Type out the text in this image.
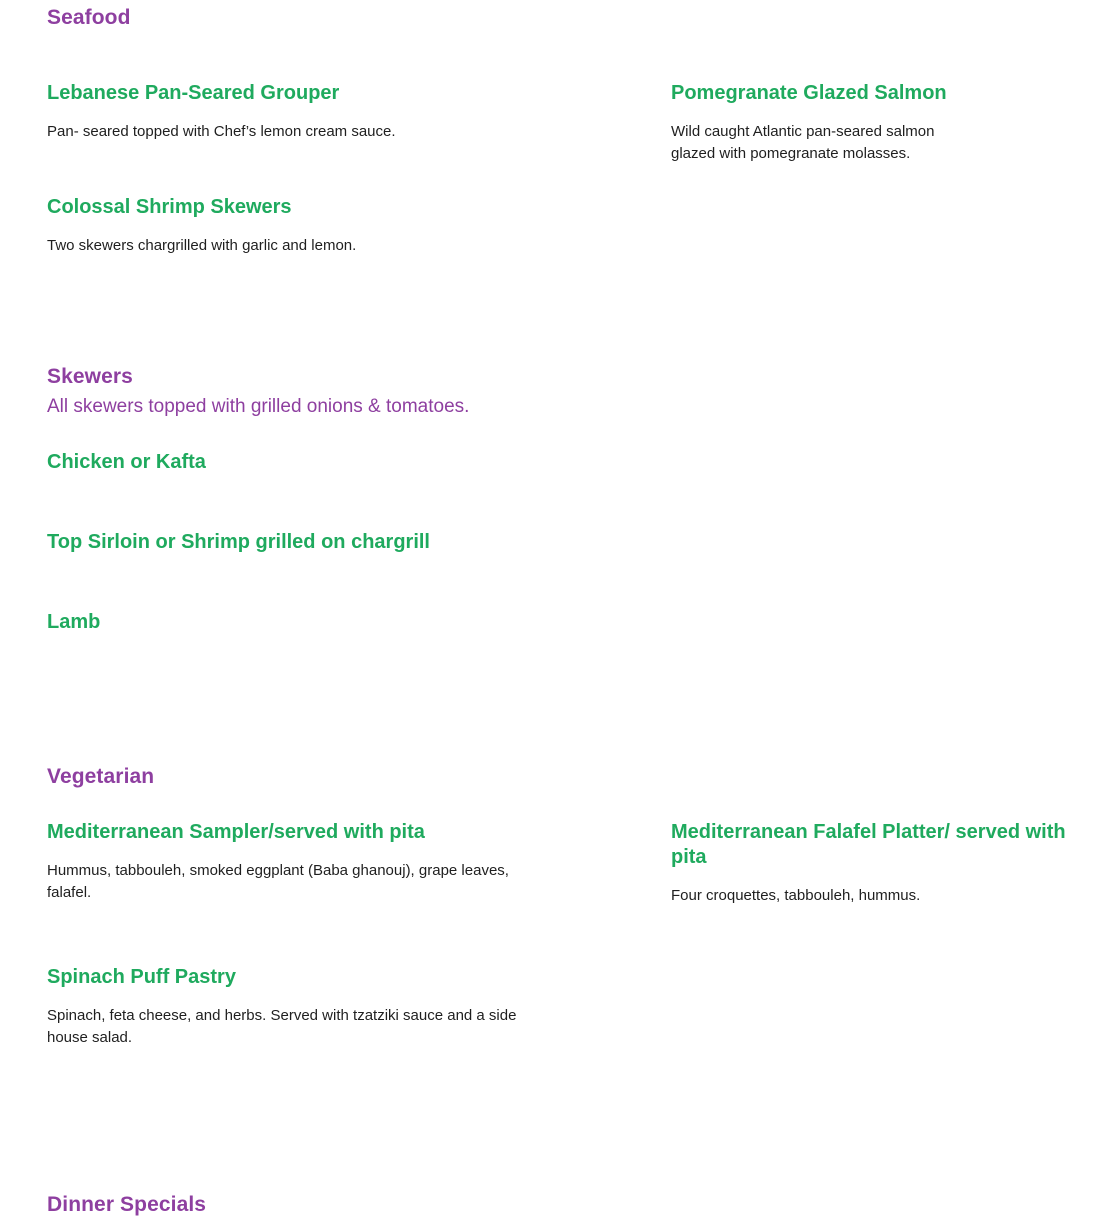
Seafood
Lebanese Pan-Seared Grouper

Pan- seared topped with Chef’s lemon cream sauce.

Pomegranate Glazed Salmon

Wild caught Atlantic pan-seared salmon glazed with pomegranate molasses.

Colossal Shrimp Skewers

Two skewers chargrilled with garlic and lemon.

Skewers

All skewers topped with grilled onions & tomatoes.

Chicken or Kafta
Top Sirloin or Shrimp grilled on chargrill
Lamb
Vegetarian
Mediterranean Sampler/served with pita

Hummus, tabbouleh, smoked eggplant (Baba ghanouj), grape leaves, falafel.

Mediterranean Falafel Platter/ served with pita

Four croquettes, tabbouleh, hummus.

Spinach Puff Pastry

Spinach, feta cheese, and herbs. Served with tzatziki sauce and a side house salad.

Dinner Specials
